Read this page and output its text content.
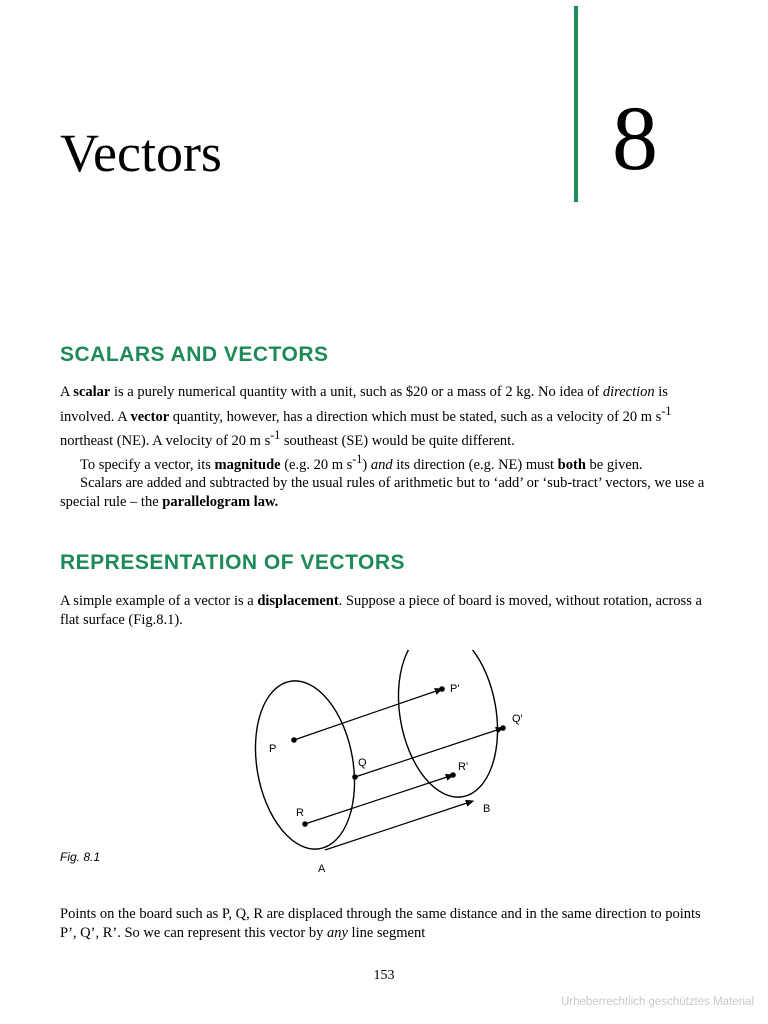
Vectors	8
SCALARS AND VECTORS

A scalar is a purely numerical quantity with a unit, such as $20 or a mass of 2 kg. No idea of direction is involved. A vector quantity, however, has a direction which must be stated, such as a velocity of 20 m $s^{-1}$ northeast (NE). A velocity of 20 m $s^{-1}$ southeast (SE) would be quite different.

To specify a vector, its magnitude (e.g. 20 m $s^{-1}$) and its direction (e.g. NE) must both be given.

Scalars are added and subtracted by the usual rules of arithmetic but to ‘add’ or ‘sub-tract’ vectors, we use a special rule – the parallelogram law.

REPRESENTATION OF VECTORS

A simple example of a vector is a displacement. Suppose a piece of board is moved, without rotation, across a flat surface (Fig.8.1).

P
Q
R
P'
Q'
R'
A
B
Fig. 8.1

Points on the board such as P, Q, R are displaced through the same distance and in the same direction to points P’, Q’, R’. So we can represent this vector by any line segment

153
Urheberrechtlich geschütztes Material
